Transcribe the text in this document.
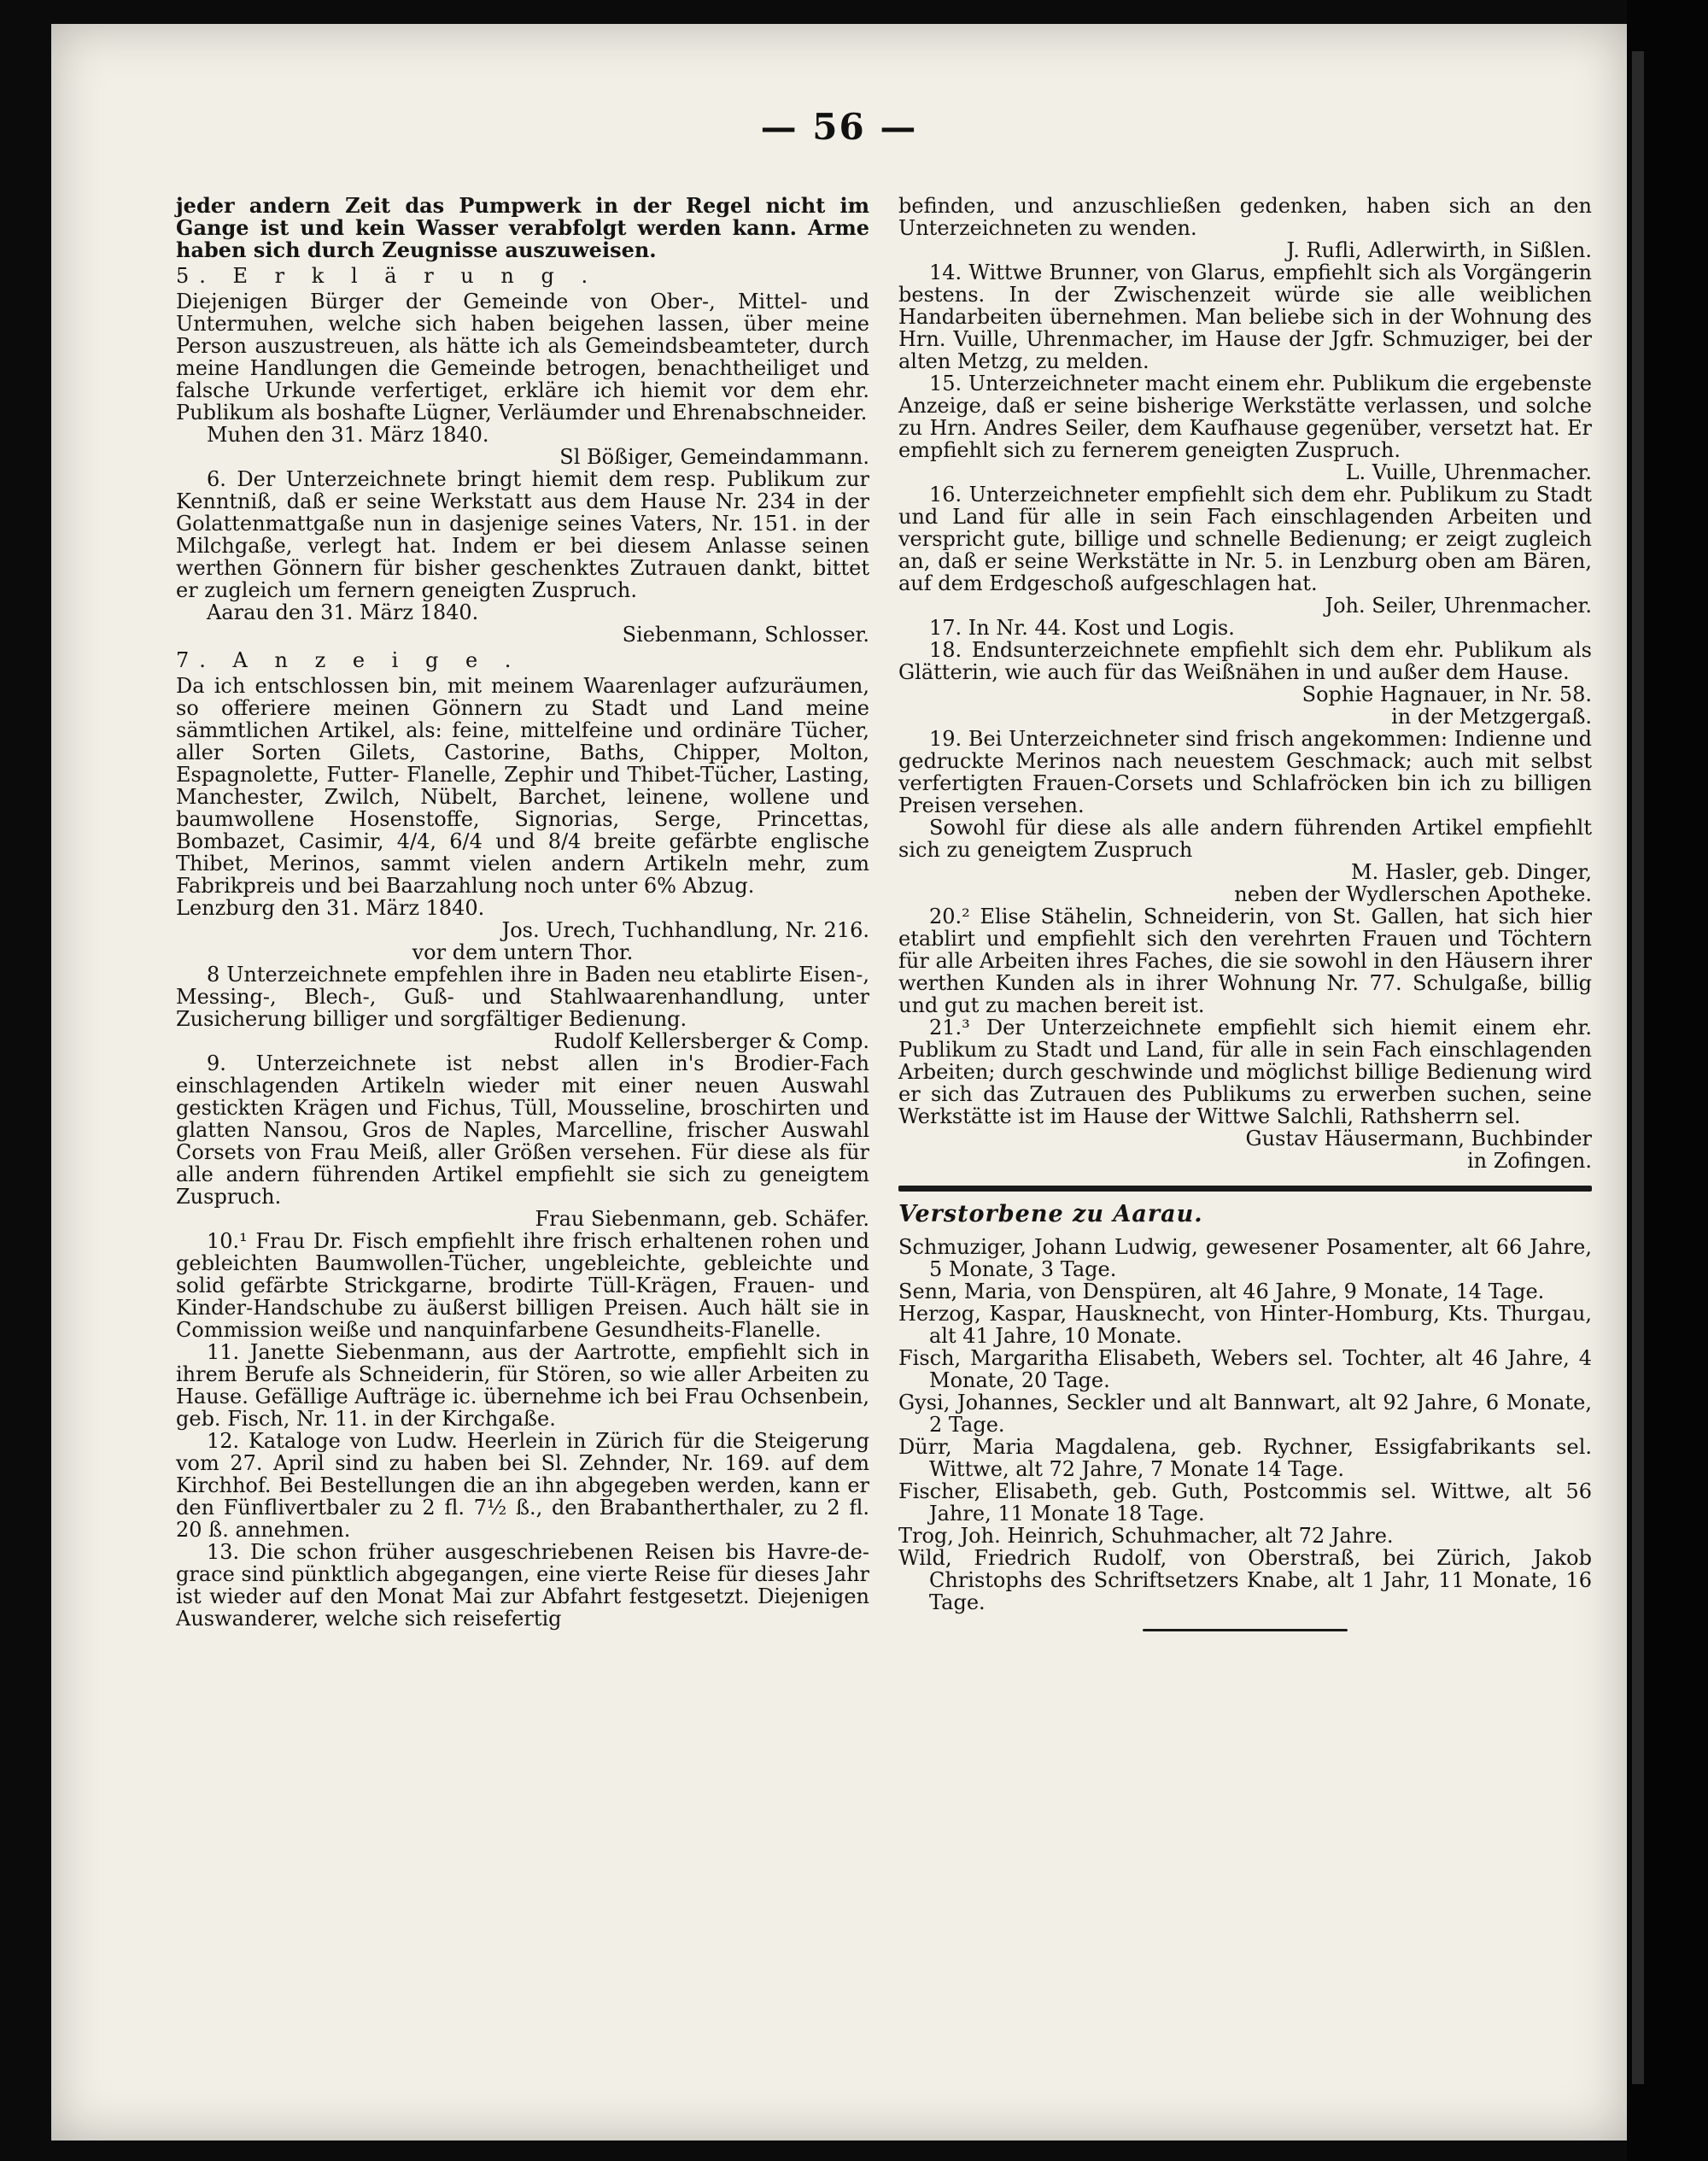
— 56 —

jeder andern Zeit das Pumpwerk in der Regel nicht im Gange ist und kein Wasser verabfolgt werden kann. Arme haben sich durch Zeugnisse auszuweisen.

5. E r k l ä r u n g .

Diejenigen Bürger der Gemeinde von Ober-, Mittel- und Untermuhen, welche sich haben beigehen lassen, über meine Person auszustreuen, als hätte ich als Gemeindsbeamteter, durch meine Handlungen die Gemeinde betrogen, benachtheiliget und falsche Urkunde verfertiget, erkläre ich hiemit vor dem ehr. Publikum als boshafte Lügner, Verläumder und Ehrenabschneider.

Muhen den 31. März 1840.

Sl Bößiger, Gemeindammann.

6. Der Unterzeichnete bringt hiemit dem resp. Publikum zur Kenntniß, daß er seine Werkstatt aus dem Hause Nr. 234 in der Golattenmattgaße nun in dasjenige seines Vaters, Nr. 151. in der Milchgaße, verlegt hat. Indem er bei diesem Anlasse seinen werthen Gönnern für bisher geschenktes Zutrauen dankt, bittet er zugleich um fernern geneigten Zuspruch.

Aarau den 31. März 1840.

Siebenmann, Schlosser.

7. A n z e i g e .

Da ich entschlossen bin, mit meinem Waarenlager aufzuräumen, so offeriere meinen Gönnern zu Stadt und Land meine sämmtlichen Artikel, als: feine, mittelfeine und ordinäre Tücher, aller Sorten Gilets, Castorine, Baths, Chipper, Molton, Espagnolette, Futter- Flanelle, Zephir und Thibet-Tücher, Lasting, Manchester, Zwilch, Nübelt, Barchet, leinene, wollene und baumwollene Hosenstoffe, Signorias, Serge, Princettas, Bombazet, Casimir, 4/4, 6/4 und 8/4 breite gefärbte englische Thibet, Merinos, sammt vielen andern Artikeln mehr, zum Fabrikpreis und bei Baarzahlung noch unter 6% Abzug.

Lenzburg den 31. März 1840.

Jos. Urech, Tuchhandlung, Nr. 216.

vor dem untern Thor.

8 Unterzeichnete empfehlen ihre in Baden neu etablirte Eisen-, Messing-, Blech-, Guß- und Stahlwaarenhandlung, unter Zusicherung billiger und sorgfältiger Bedienung.

Rudolf Kellersberger & Comp.

9. Unterzeichnete ist nebst allen in's Brodier-Fach einschlagenden Artikeln wieder mit einer neuen Auswahl gestickten Krägen und Fichus, Tüll, Mousseline, broschirten und glatten Nansou, Gros de Naples, Marcelline, frischer Auswahl Corsets von Frau Meiß, aller Größen versehen. Für diese als für alle andern führenden Artikel empfiehlt sie sich zu geneigtem Zuspruch.

Frau Siebenmann, geb. Schäfer.

10.¹ Frau Dr. Fisch empfiehlt ihre frisch erhaltenen rohen und gebleichten Baumwollen-Tücher, ungebleichte, gebleichte und solid gefärbte Strickgarne, brodirte Tüll-Krägen, Frauen- und Kinder-Handschube zu äußerst billigen Preisen. Auch hält sie in Commission weiße und nanquinfarbene Gesundheits-Flanelle.

11. Janette Siebenmann, aus der Aartrotte, empfiehlt sich in ihrem Berufe als Schneiderin, für Stören, so wie aller Arbeiten zu Hause. Gefällige Aufträge ic. übernehme ich bei Frau Ochsenbein, geb. Fisch, Nr. 11. in der Kirchgaße.

12. Kataloge von Ludw. Heerlein in Zürich für die Steigerung vom 27. April sind zu haben bei Sl. Zehnder, Nr. 169. auf dem Kirchhof. Bei Bestellungen die an ihn abgegeben werden, kann er den Fünflivertbaler zu 2 fl. 7½ ß., den Brabantherthaler, zu 2 fl. 20 ß. annehmen.

13. Die schon früher ausgeschriebenen Reisen bis Havre-de-grace sind pünktlich abgegangen, eine vierte Reise für dieses Jahr ist wieder auf den Monat Mai zur Abfahrt festgesetzt. Diejenigen Auswanderer, welche sich reisefertig

befinden, und anzuschließen gedenken, haben sich an den Unterzeichneten zu wenden.

J. Rufli, Adlerwirth, in Sißlen.

14. Wittwe Brunner, von Glarus, empfiehlt sich als Vorgängerin bestens. In der Zwischenzeit würde sie alle weiblichen Handarbeiten übernehmen. Man beliebe sich in der Wohnung des Hrn. Vuille, Uhrenmacher, im Hause der Jgfr. Schmuziger, bei der alten Metzg, zu melden.

15. Unterzeichneter macht einem ehr. Publikum die ergebenste Anzeige, daß er seine bisherige Werkstätte verlassen, und solche zu Hrn. Andres Seiler, dem Kaufhause gegenüber, versetzt hat. Er empfiehlt sich zu fernerem geneigten Zuspruch.

L. Vuille, Uhrenmacher.

16. Unterzeichneter empfiehlt sich dem ehr. Publikum zu Stadt und Land für alle in sein Fach einschlagenden Arbeiten und verspricht gute, billige und schnelle Bedienung; er zeigt zugleich an, daß er seine Werkstätte in Nr. 5. in Lenzburg oben am Bären, auf dem Erdgeschoß aufgeschlagen hat.

Joh. Seiler, Uhrenmacher.

17. In Nr. 44. Kost und Logis.

18. Endsunterzeichnete empfiehlt sich dem ehr. Publikum als Glätterin, wie auch für das Weißnähen in und außer dem Hause.

Sophie Hagnauer, in Nr. 58.

in der Metzgergaß.

19. Bei Unterzeichneter sind frisch angekommen: Indienne und gedruckte Merinos nach neuestem Geschmack; auch mit selbst verfertigten Frauen-Corsets und Schlafröcken bin ich zu billigen Preisen versehen.

Sowohl für diese als alle andern führenden Artikel empfiehlt sich zu geneigtem Zuspruch

M. Hasler, geb. Dinger,

neben der Wydlerschen Apotheke.

20.² Elise Stähelin, Schneiderin, von St. Gallen, hat sich hier etablirt und empfiehlt sich den verehrten Frauen und Töchtern für alle Arbeiten ihres Faches, die sie sowohl in den Häusern ihrer werthen Kunden als in ihrer Wohnung Nr. 77. Schulgaße, billig und gut zu machen bereit ist.

21.³ Der Unterzeichnete empfiehlt sich hiemit einem ehr. Publikum zu Stadt und Land, für alle in sein Fach einschlagenden Arbeiten; durch geschwinde und möglichst billige Bedienung wird er sich das Zutrauen des Publikums zu erwerben suchen, seine Werkstätte ist im Hause der Wittwe Salchli, Rathsherrn sel.

Gustav Häusermann, Buchbinder

in Zofingen.

Verstorbene zu Aarau.

Schmuziger, Johann Ludwig, gewesener Posamenter, alt 66 Jahre, 5 Monate, 3 Tage.

Senn, Maria, von Denspüren, alt 46 Jahre, 9 Monate, 14 Tage.

Herzog, Kaspar, Hausknecht, von Hinter-Homburg, Kts. Thurgau, alt 41 Jahre, 10 Monate.

Fisch, Margaritha Elisabeth, Webers sel. Tochter, alt 46 Jahre, 4 Monate, 20 Tage.

Gysi, Johannes, Seckler und alt Bannwart, alt 92 Jahre, 6 Monate, 2 Tage.

Dürr, Maria Magdalena, geb. Rychner, Essigfabrikants sel. Wittwe, alt 72 Jahre, 7 Monate 14 Tage.

Fischer, Elisabeth, geb. Guth, Postcommis sel. Wittwe, alt 56 Jahre, 11 Monate 18 Tage.

Trog, Joh. Heinrich, Schuhmacher, alt 72 Jahre.

Wild, Friedrich Rudolf, von Oberstraß, bei Zürich, Jakob Christophs des Schriftsetzers Knabe, alt 1 Jahr, 11 Monate, 16 Tage.
